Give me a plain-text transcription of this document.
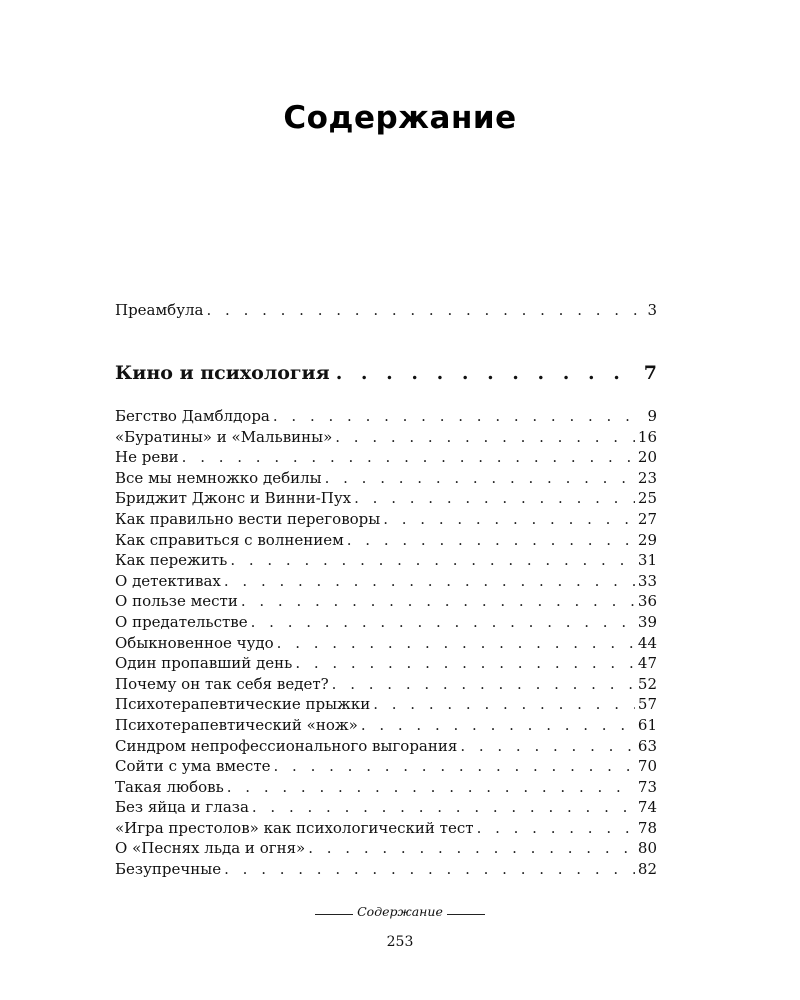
Содержание
Преамбула . . .	3
Кино и психология . . .	7
Бегство Дамблдора . . .	9
«Буратины» и «Мальвины» . . .	16
Не реви . . .	20
Все мы немножко дебилы . . .	23
Бриджит Джонс и Винни-Пух . . .	25
Как правильно вести переговоры . . .	27
Как справиться с волнением . . .	29
Как пережить . . .	31
О детективах . . .	33
О пользе мести . . .	36
О предательстве . . .	39
Обыкновенное чудо . . .	44
Один пропавший день . . .	47
Почему он так себя ведет? . . .	52
Психотерапевтические прыжки . . .	57
Психотерапевтический «нож» . . .	61
Синдром непрофессионального выгорания . . .	63
Сойти с ума вместе . . .	70
Такая любовь . . .	73
Без яйца и глаза . . .	74
«Игра престолов» как психологический тест . . .	78
О «Песнях льда и огня» . . .	80
Безупречные . . .	82
Содержание
253
